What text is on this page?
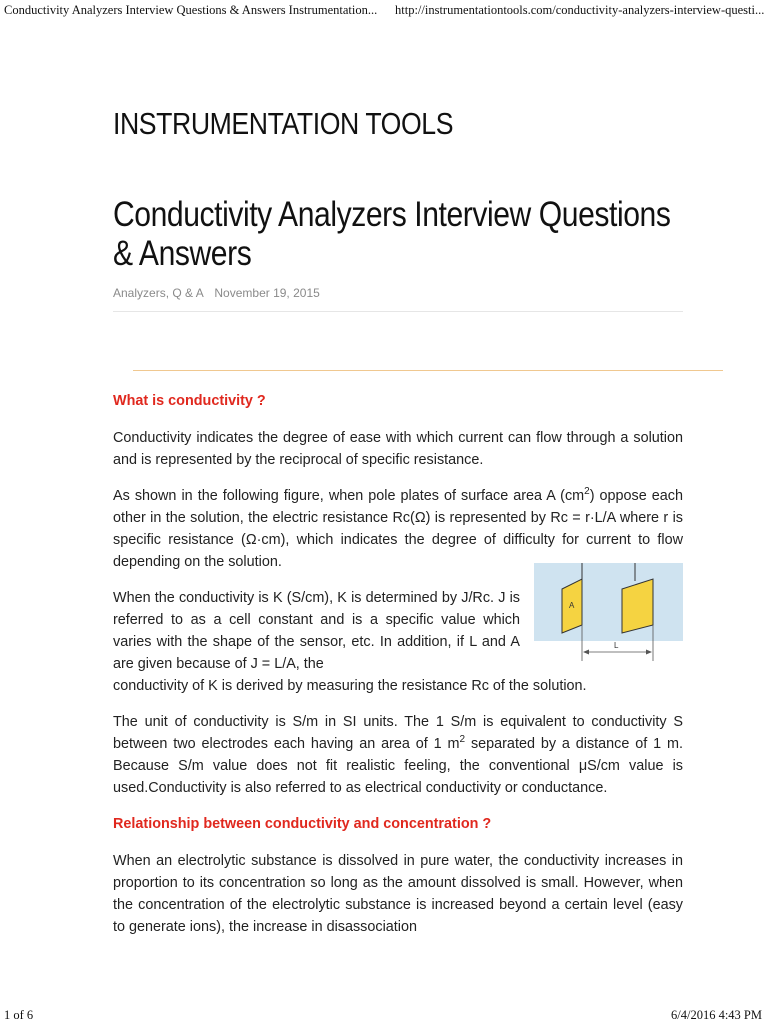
Conductivity Analyzers Interview Questions & Answers Instrumentation... http://instrumentationtools.com/conductivity-analyzers-interview-questi...
INSTRUMENTATION TOOLS
Conductivity Analyzers Interview Questions & Answers
Analyzers, Q & A November 19, 2015
What is conductivity ?

Conductivity indicates the degree of ease with which current can flow through a solution and is represented by the reciprocal of specific resistance.

As shown in the following figure, when pole plates of surface area A $(cm^2)$ oppose each other in the solution, the electric resistance Rc(Ω) is represented by Rc = r·L/A where r is specific resistance (Ω·cm), which indicates the degree of difficulty for current to flow depending on the solution.

When the conductivity is K (S/cm), K is determined by J/Rc. J is referred to as a cell constant and is a specific value which varies with the shape of the sensor, etc. In addition, if L and A are given because of J = L/A, the

conductivity of K is derived by measuring the resistance Rc of the solution.

The unit of conductivity is S/m in SI units. The 1 S/m is equivalent to conductivity S between two electrodes each having an area of 1 $m^2$ separated by a distance of 1 m. Because S/m value does not fit realistic feeling, the conventional μS/cm value is used.Conductivity is also referred to as electrical conductivity or conductance.

Relationship between conductivity and concentration ?

When an electrolytic substance is dissolved in pure water, the conductivity increases in proportion to its concentration so long as the amount dissolved is small. However, when the concentration of the electrolytic substance is increased beyond a certain level (easy to generate ions), the increase in disassociation

A
L
1 of 6	6/4/2016 4:43 PM
